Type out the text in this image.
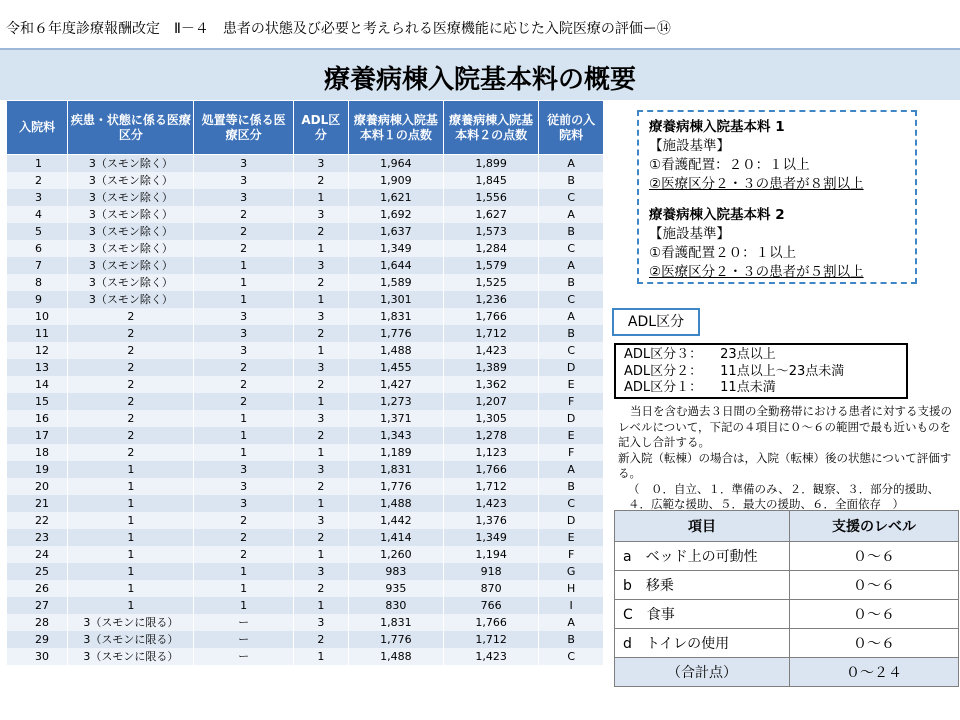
令和６年度診療報酬改定　Ⅱ－４　患者の状態及び必要と考えられる医療機能に応じた入院医療の評価ー⑭
療養病棟入院基本料の概要
入院料	疾患・状態に係る医療区分	処置等に係る医療区分	ADL区分	療養病棟入院基本料１の点数	療養病棟入院基本料２の点数	従前の入院料
1	3（スモン除く）	3	3	1,964	1,899	A
2	3（スモン除く）	3	2	1,909	1,845	B
3	3（スモン除く）	3	1	1,621	1,556	C
4	3（スモン除く）	2	3	1,692	1,627	A
5	3（スモン除く）	2	2	1,637	1,573	B
6	3（スモン除く）	2	1	1,349	1,284	C
7	3（スモン除く）	1	3	1,644	1,579	A
8	3（スモン除く）	1	2	1,589	1,525	B
9	3（スモン除く）	1	1	1,301	1,236	C
10	2	3	3	1,831	1,766	A
11	2	3	2	1,776	1,712	B
12	2	3	1	1,488	1,423	C
13	2	2	3	1,455	1,389	D
14	2	2	2	1,427	1,362	E
15	2	2	1	1,273	1,207	F
16	2	1	3	1,371	1,305	D
17	2	1	2	1,343	1,278	E
18	2	1	1	1,189	1,123	F
19	1	3	3	1,831	1,766	A
20	1	3	2	1,776	1,712	B
21	1	3	1	1,488	1,423	C
22	1	2	3	1,442	1,376	D
23	1	2	2	1,414	1,349	E
24	1	2	1	1,260	1,194	F
25	1	1	3	983	918	G
26	1	1	2	935	870	H
27	1	1	1	830	766	I
28	3（スモンに限る）	ー	3	1,831	1,766	A
29	3（スモンに限る）	ー	2	1,776	1,712	B
30	3（スモンに限る）	ー	1	1,488	1,423	C
療養病棟入院基本料 1
【施設基準】
①看護配置：２０：１以上
②医療区分２・３の患者が８割以上
療養病棟入院基本料 2
【施設基準】
①看護配置２０：１以上
②医療区分２・３の患者が５割以上
ADL区分
ADL区分３： 23点以上
ADL区分２： 11点以上～23点未満
ADL区分１： 11点未満

当日を含む過去３日間の全勤務帯における患者に対する支援のレベルについて，下記の４項目に０～６の範囲で最も近いものを記入し合計する。

新入院（転棟）の場合は，入院（転棟）後の状態について評価する。

（　０．自立、１．準備のみ、２．観察、３．部分的援助、４．広範な援助、５．最大の援助、６．全面依存　）

項目	支援のレベル
a　ベッド上の可動性	０～６
b　移乗	０～６
C　食事	０～６
d　トイレの使用	０～６
（合計点）	０～２４
